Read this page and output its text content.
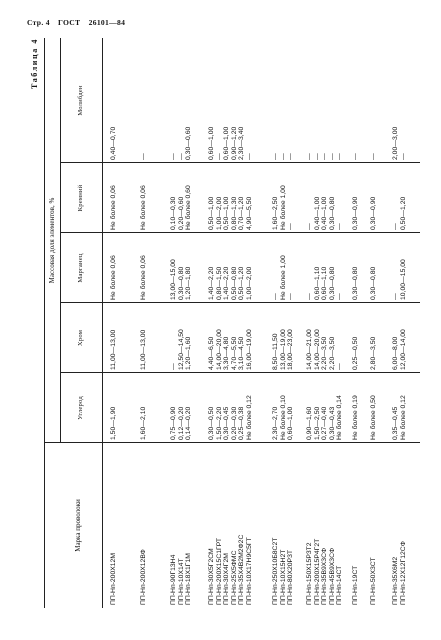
Стр. 4 ГОСТ 26101—84
Таблица 4
Марка проволоки
Массовая доля элементов, %
Углерод
Хром
Марганец
Кремний
Молибден
ПП-Нп-200Х12М
1,50—1,90
11,00—13,00
Не более 0,06
Не более 0,06
0,40—0,70
ПП-Нп-200Х12ВФ
1,60—2,10
11,00—13,00
Не более 0,06
Не более 0,06
—
ПП-Нп-90Г13Н4 ПП-Нп-10Х14Т ПП-Нп-18Х1Г1М
0,75—0,90 0,12—0,20 0,14—0,20
— 12,50—14,50 1,20—1,60
13,00—15,00 0,30—0,80 1,20—1,80
0,10—0,30 0,20—0,60 Не более 0,60
— — 0,30—0,60
ПП-Нп-30Х5Г2СМ ПП-Нп-200Х15С1ГРТ ПП-Нп-30Х4Г2М ПП-Нп-25Х5ФМС ПП-Нп-35Х4В2М2Ф2С ПП-Нп-10Х17Н9С5ГТ
0,30—0,50 1,50—2,20 0,30—0,45 0,20—0,30 0,25—0,38 Не более 0,12
4,40—6,50 14,00—20,00 3,30—4,80 4,70—5,50 3,10—4,50 16,00—19,00
1,40—2,20 0,80—1,50 1,40—2,20 0,50—0,80 0,50—1,20 1,00—2,00
0,50—1,00 1,00—2,00 0,50—1,00 0,80—1,30 0,70—1,20 4,90—5,50
0,60—1,00 — 0,60—1,00 0,90—1,20 2,30—3,40 —
ПП-Нп-250Х10Б8С2Т ПП-Нп-10Х15Н2Т ПП-Нп-80Х20Р3Т
2,30—2,70 Не более 0,10 0,60—1,00
8,50—11,50 13,00—19,00 18,00—23,00
— Не более 1,00 —
1,60—2,50 Не более 1,00 —
— — —
ПП-Нп-150Х15Р3Т2 ПП-Нп-200Х15Р4Г2Т ПП-Нп-35В9Х3СФ ПП-Нп-45В9Х3СФ ПП-Нп-14СТ
0,90—1,60 1,50—2,50 0,27—0,40 0,30—0,43 Не более 0,14
14,00—21,00 14,00—20,00 2,20—3,50 2,20—3,50 —
— 0,60—1,10 0,60—1,10 0,30—0,80 —
— 0,40—1,00 0,40—1,00 0,30—0,80 —
— — — — —
ПП-Нп-19СТ
Не более 0,19
0,25—0,50
0,30—0,80
0,30—0,90
—
ПП-Нп-50Х3СТ
Не более 0,50
2,80—3,50
0,30—0,80
0,30—0,90
—
ПП-Нп-35Х6М2 ПП-Нп-12Х12Г12СФ
0,35—0,45 Не более 0,12
6,00—8,00 12,00—14,00
— 10,00—15,00
— 0,50—1,20
2,00—3,00 —
